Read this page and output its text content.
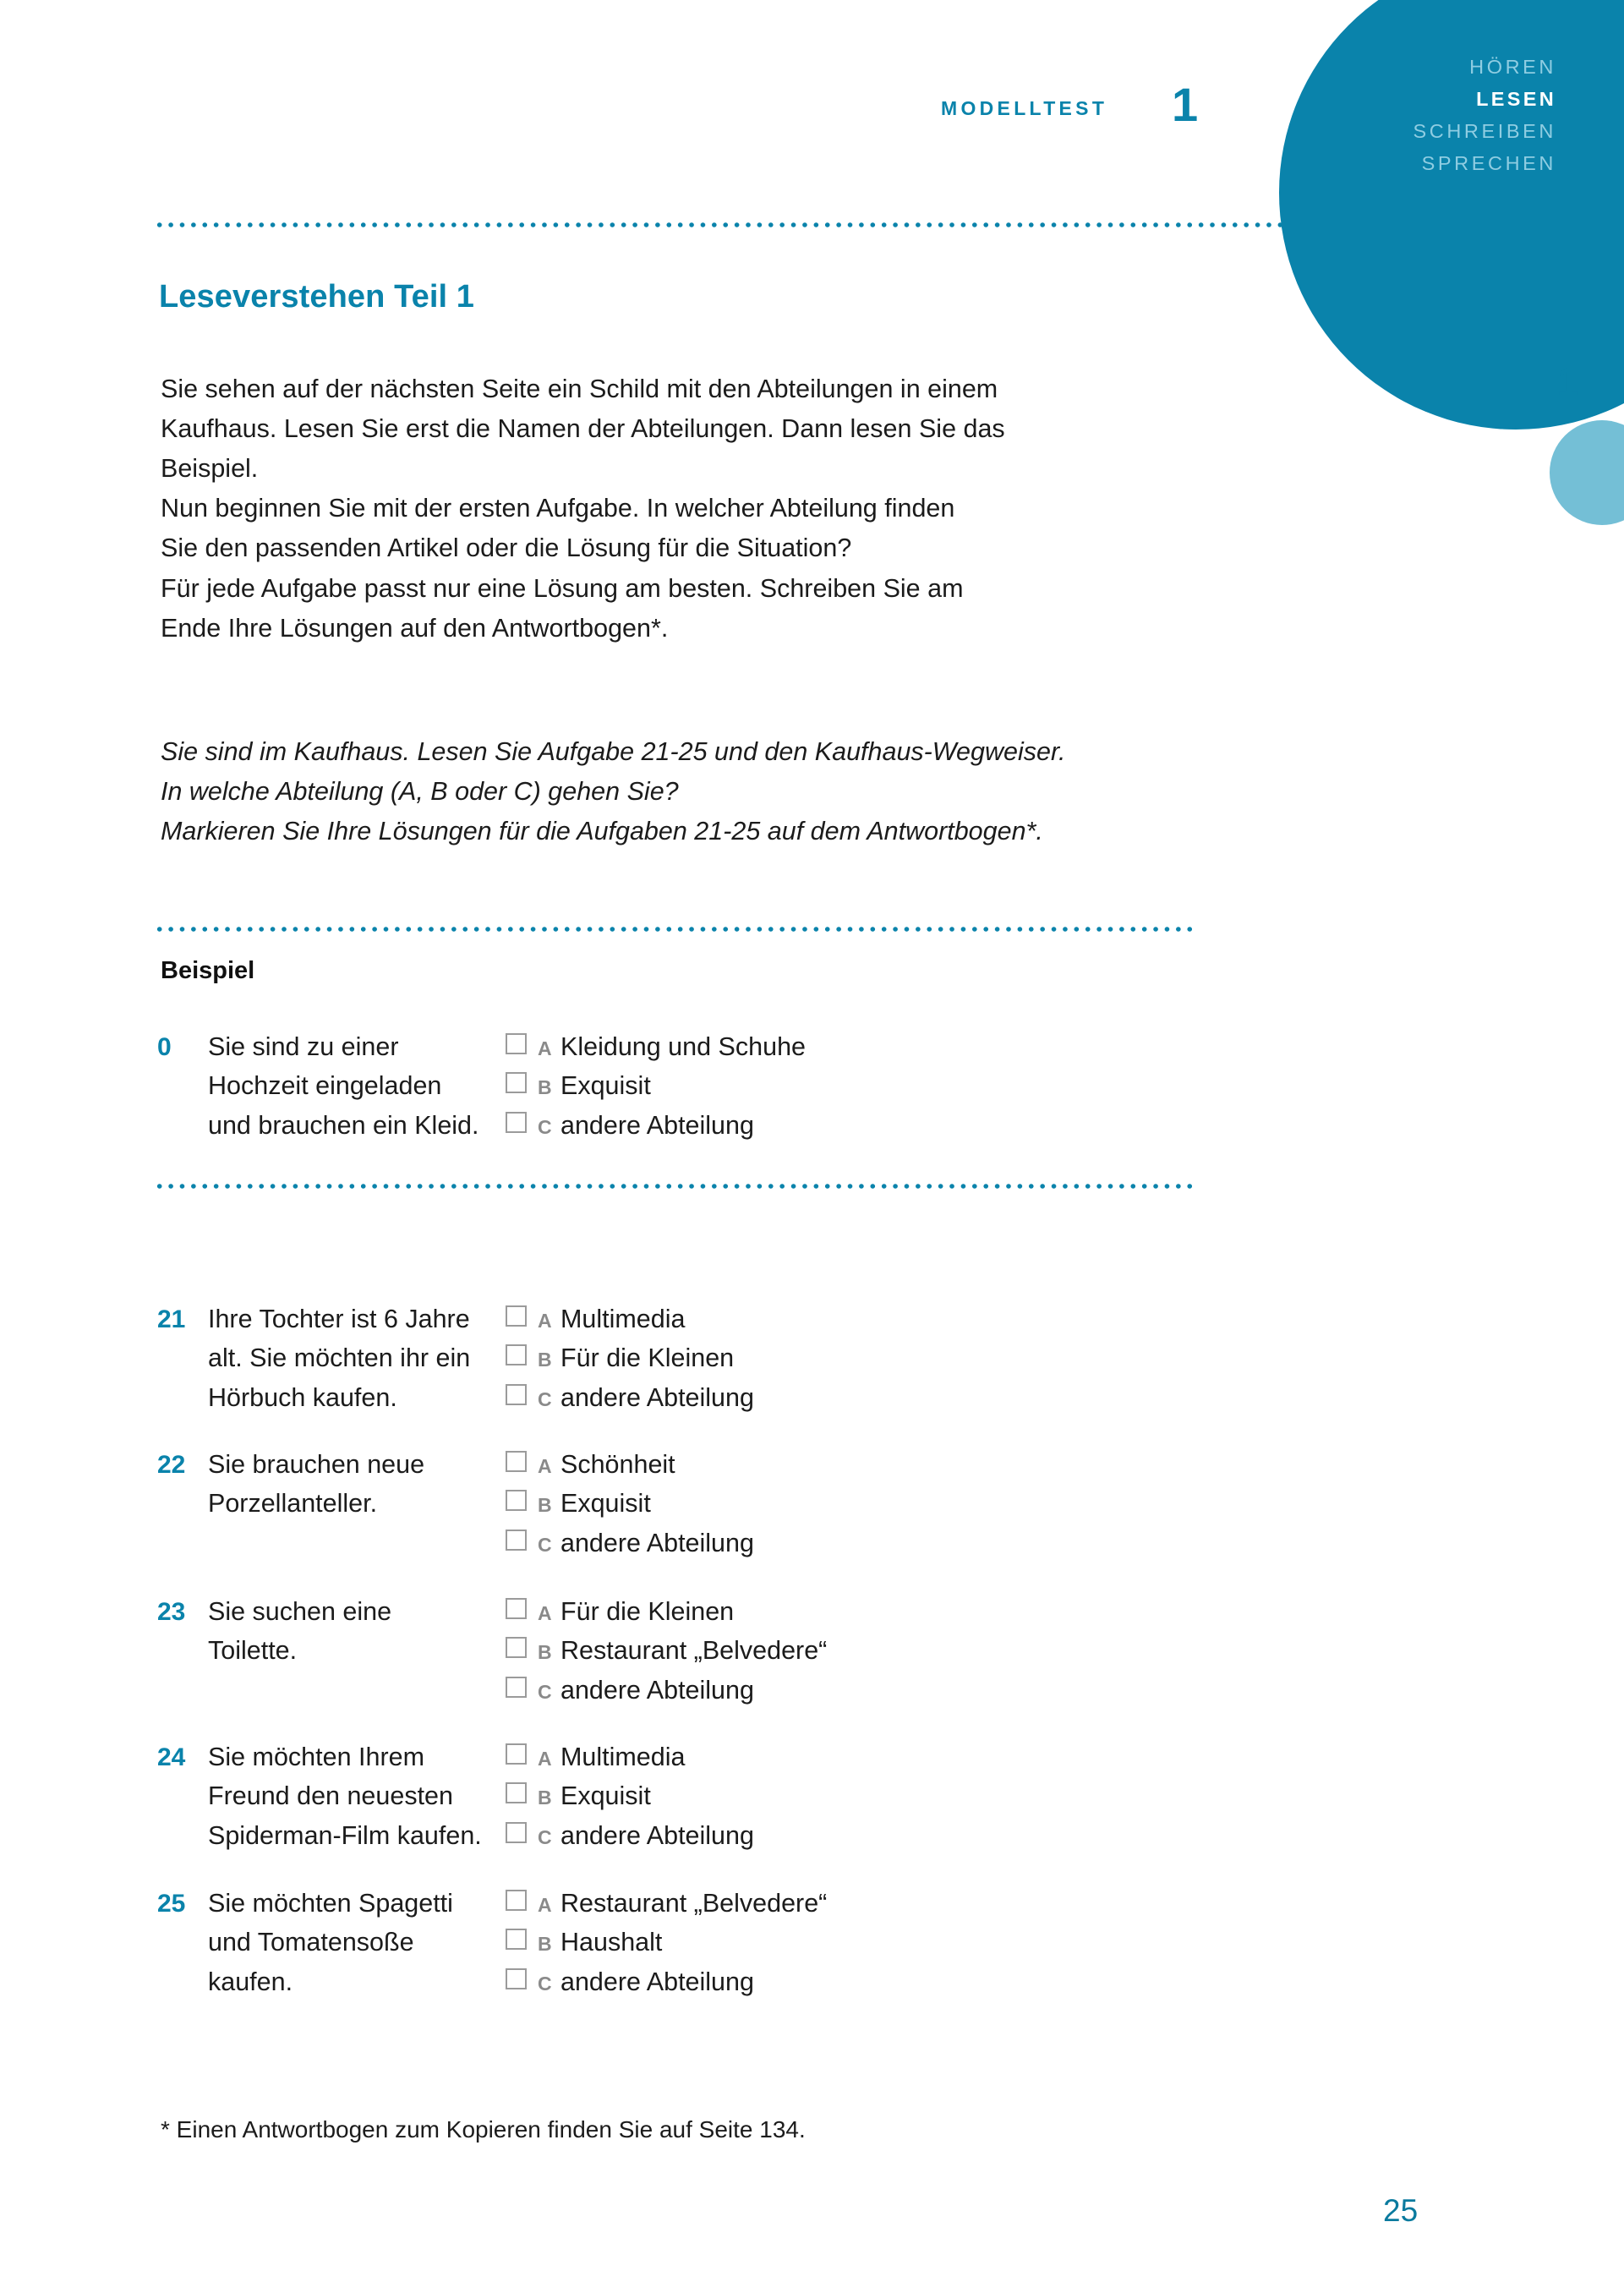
HÖREN
LESEN
SCHREIBEN
SPRECHEN
MODELLTEST 1
1
Leseverstehen Teil 1

Sie sehen auf der nächsten Seite ein Schild mit den Abteilungen in einem

Kaufhaus. Lesen Sie erst die Namen der Abteilungen. Dann lesen Sie das

Beispiel.

Nun beginnen Sie mit der ersten Aufgabe. In welcher Abteilung finden

Sie den passenden Artikel oder die Lösung für die Situation?

Für jede Aufgabe passt nur eine Lösung am besten. Schreiben Sie am

Ende Ihre Lösungen auf den Antwortbogen*.

Sie sind im Kaufhaus. Lesen Sie Aufgabe 21-25 und den Kaufhaus-Wegweiser.

In welche Abteilung (A, B oder C) gehen Sie?

Markieren Sie Ihre Lösungen für die Aufgaben 21-25 auf dem Antwortbogen*.

Beispiel
0	Sie sind zu einer Hochzeit eingeladen und brauchen ein Kleid.
A Kleidung und Schuhe
B Exquisit
C andere Abteilung
21 Ihre Tochter ist 6 Jahre alt. Sie möchten ihr ein Hörbuch kaufen.
A Multimedia
B Für die Kleinen
C andere Abteilung
22 Sie brauchen neue Porzellanteller.
A Schönheit
B Exquisit
C andere Abteilung
23 Sie suchen eine Toilette.
A Für die Kleinen
B Restaurant „Belvedere“
C andere Abteilung
24 Sie möchten Ihrem Freund den neuesten Spiderman-Film kaufen.
A Multimedia
B Exquisit
C andere Abteilung
25 Sie möchten Spagetti und Tomatensoße kaufen.
A Restaurant „Belvedere“
B Haushalt
C andere Abteilung
* Einen Antwortbogen zum Kopieren finden Sie auf Seite 134.
25
